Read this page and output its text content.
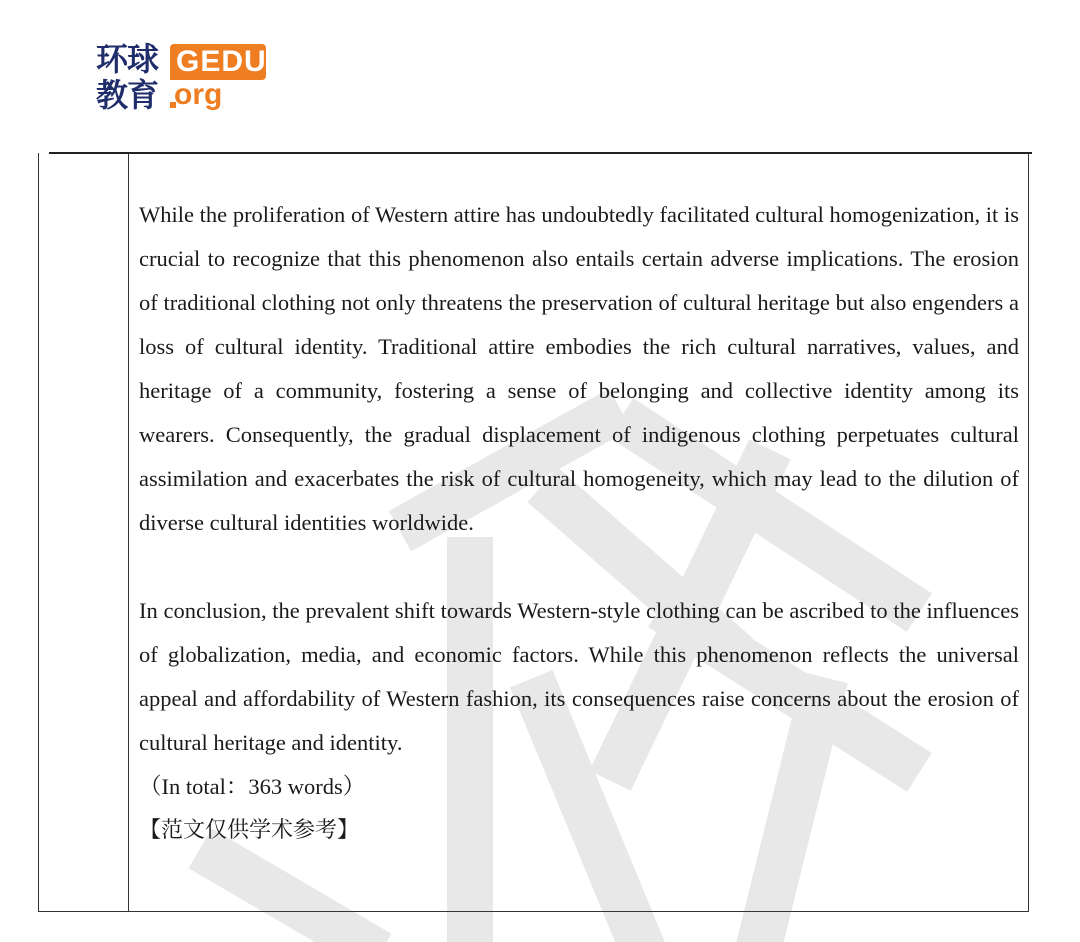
环球
教育
GEDU
org

While the proliferation of Western attire has undoubtedly facilitated cultural homogenization, it is crucial to recognize that this phenomenon also entails certain adverse implications. The erosion of traditional clothing not only threatens the preservation of cultural heritage but also engenders a loss of cultural identity. Traditional attire embodies the rich cultural narratives, values, and heritage of a community, fostering a sense of belonging and collective identity among its wearers. Consequently, the gradual displacement of indigenous clothing perpetuates cultural assimilation and exacerbates the risk of cultural homogeneity, which may lead to the dilution of diverse cultural identities worldwide.

In conclusion, the prevalent shift towards Western-style clothing can be ascribed to the influences of globalization, media, and economic factors. While this phenomenon reflects the universal appeal and affordability of Western fashion, its consequences raise concerns about the erosion of cultural heritage and identity.

（In total：363 words）

【范文仅供学术参考】
